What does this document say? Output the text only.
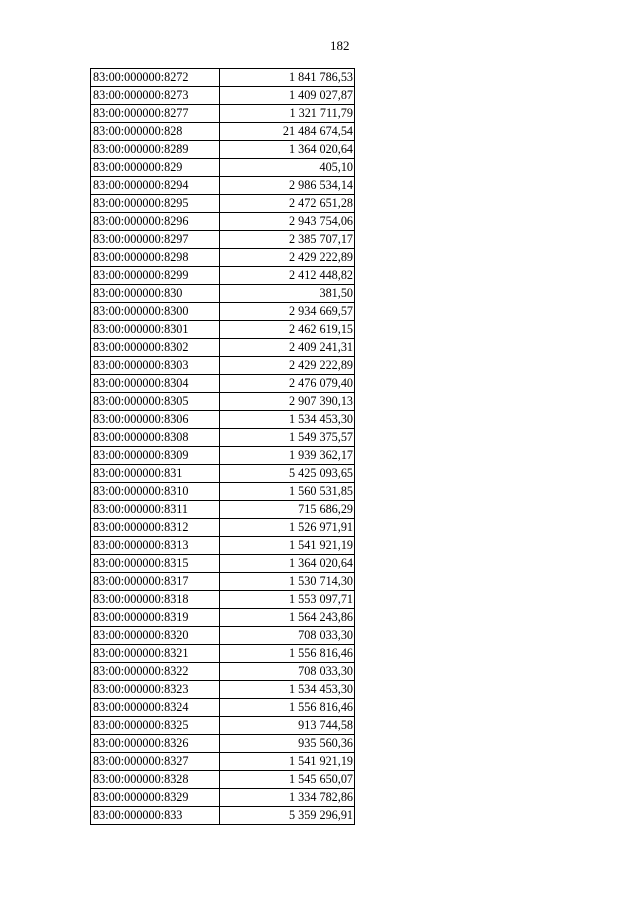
182
83:00:000000:8272	1 841 786,53
83:00:000000:8273	1 409 027,87
83:00:000000:8277	1 321 711,79
83:00:000000:828	21 484 674,54
83:00:000000:8289	1 364 020,64
83:00:000000:829	405,10
83:00:000000:8294	2 986 534,14
83:00:000000:8295	2 472 651,28
83:00:000000:8296	2 943 754,06
83:00:000000:8297	2 385 707,17
83:00:000000:8298	2 429 222,89
83:00:000000:8299	2 412 448,82
83:00:000000:830	381,50
83:00:000000:8300	2 934 669,57
83:00:000000:8301	2 462 619,15
83:00:000000:8302	2 409 241,31
83:00:000000:8303	2 429 222,89
83:00:000000:8304	2 476 079,40
83:00:000000:8305	2 907 390,13
83:00:000000:8306	1 534 453,30
83:00:000000:8308	1 549 375,57
83:00:000000:8309	1 939 362,17
83:00:000000:831	5 425 093,65
83:00:000000:8310	1 560 531,85
83:00:000000:8311	715 686,29
83:00:000000:8312	1 526 971,91
83:00:000000:8313	1 541 921,19
83:00:000000:8315	1 364 020,64
83:00:000000:8317	1 530 714,30
83:00:000000:8318	1 553 097,71
83:00:000000:8319	1 564 243,86
83:00:000000:8320	708 033,30
83:00:000000:8321	1 556 816,46
83:00:000000:8322	708 033,30
83:00:000000:8323	1 534 453,30
83:00:000000:8324	1 556 816,46
83:00:000000:8325	913 744,58
83:00:000000:8326	935 560,36
83:00:000000:8327	1 541 921,19
83:00:000000:8328	1 545 650,07
83:00:000000:8329	1 334 782,86
83:00:000000:833	5 359 296,91
